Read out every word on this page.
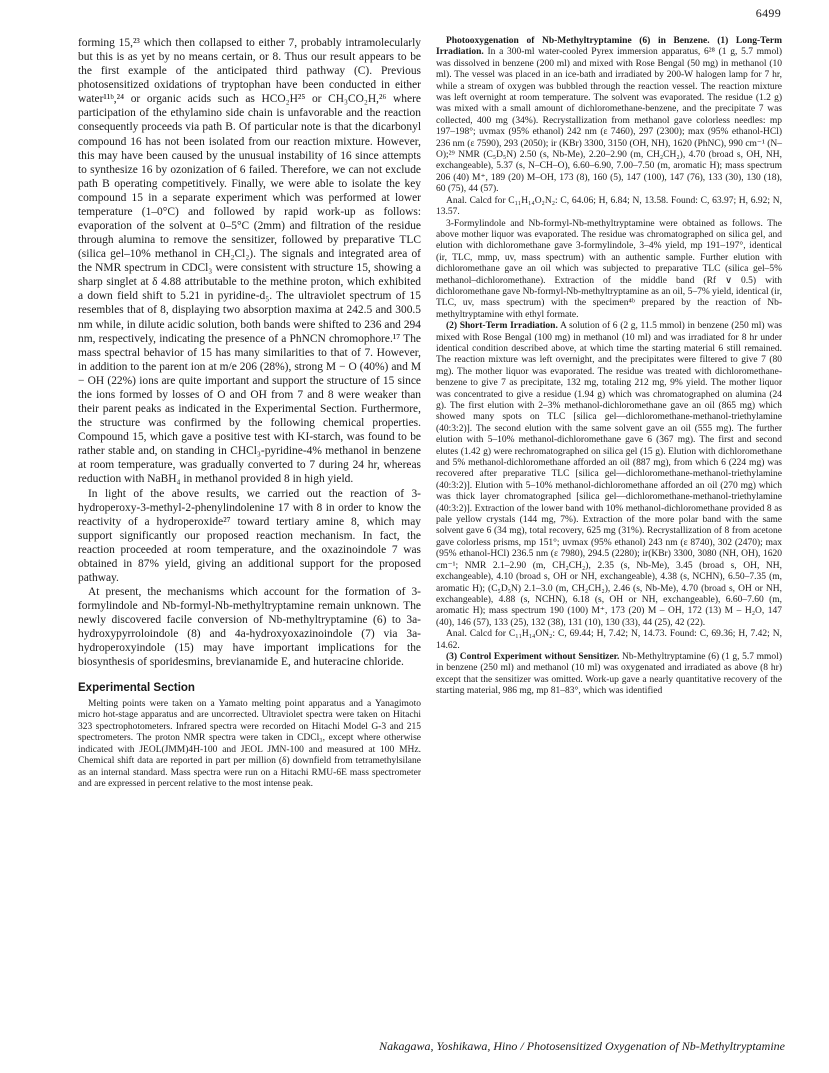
6499

forming 15,²³ which then collapsed to either 7, probably intramolecularly but this is as yet by no means certain, or 8. Thus our result appears to be the first example of the anticipated third pathway (C). Previous photosensitized oxidations of tryptophan have been conducted in either water¹¹ᵇ,²⁴ or organic acids such as HCO₂H²⁵ or CH₃CO₂H,²⁶ where participation of the ethylamino side chain is unfavorable and the reaction consequently proceeds via path B. Of particular note is that the dicarbonyl compound 16 has not been isolated from our reaction mixture. However, this may have been caused by the unusual instability of 16 since attempts to synthesize 16 by ozonization of 6 failed. Therefore, we can not exclude path B operating competitively. Finally, we were able to isolate the key compound 15 in a separate experiment which was performed at lower temperature (1–0°C) and followed by rapid work-up as follows: evaporation of the solvent at 0–5°C (2mm) and filtration of the residue through alumina to remove the sensitizer, followed by preparative TLC (silica gel–10% methanol in CH₂Cl₂). The signals and integrated area of the NMR spectrum in CDCl₃ were consistent with structure 15, showing a sharp singlet at δ 4.88 attributable to the methine proton, which exhibited a down field shift to 5.21 in pyridine-d₅. The ultraviolet spectrum of 15 resembles that of 8, displaying two absorption maxima at 242.5 and 300.5 nm while, in dilute acidic solution, both bands were shifted to 236 and 294 nm, respectively, indicating the presence of a PhNCN chromophore.¹⁷ The mass spectral behavior of 15 has many similarities to that of 7. However, in addition to the parent ion at m/e 206 (28%), strong M − O (40%) and M − OH (22%) ions are quite important and support the structure of 15 since the ions formed by losses of O and OH from 7 and 8 were weaker than their parent peaks as indicated in the Experimental Section. Furthermore, the structure was confirmed by the following chemical properties. Compound 15, which gave a positive test with KI-starch, was found to be rather stable and, on standing in CHCl₃-pyridine-4% methanol in benzene at room temperature, was gradually converted to 7 during 24 hr, whereas reduction with NaBH₄ in methanol provided 8 in high yield.

In light of the above results, we carried out the reaction of 3-hydroperoxy-3-methyl-2-phenylindolenine 17 with 8 in order to know the reactivity of a hydroperoxide²⁷ toward tertiary amine 8, which may support significantly our proposed reaction mechanism. In fact, the reaction proceeded at room temperature, and the oxazinoindole 7 was obtained in 87% yield, giving an additional support for the proposed pathway.

At present, the mechanisms which account for the formation of 3-formylindole and Nb-formyl-Nb-methyltryptamine remain unknown. The newly discovered facile conversion of Nb-methyltryptamine (6) to 3a-hydroxypyrroloindole (8) and 4a-hydroxyoxazinoindole (7) via 3a-hydroperoxyindole (15) may have important implications for the biosynthesis of sporidesmins, brevianamide E, and huteracine chloride.

Experimental Section

Melting points were taken on a Yamato melting point apparatus and a Yanagimoto micro hot-stage apparatus and are uncorrected. Ultraviolet spectra were taken on Hitachi 323 spectrophotometers. Infrared spectra were recorded on Hitachi Model G-3 and 215 spectrometers. The proton NMR spectra were taken in CDCl₃, except where otherwise indicated with JEOL(JMM)4H-100 and JEOL JMN-100 and measured at 100 MHz. Chemical shift data are reported in part per million (δ) downfield from tetramethylsilane as an internal standard. Mass spectra were run on a Hitachi RMU-6E mass spectrometer and are expressed in percent relative to the most intense peak.

Photooxygenation of Nb-Methyltryptamine (6) in Benzene. (1) Long-Term Irradiation. In a 300-ml water-cooled Pyrex immersion apparatus, 6²⁸ (1 g, 5.7 mmol) was dissolved in benzene (200 ml) and mixed with Rose Bengal (50 mg) in methanol (10 ml). The vessel was placed in an ice-bath and irradiated by 200-W halogen lamp for 7 hr, while a stream of oxygen was bubbled through the reaction vessel. The reaction mixture was left overnight at room temperature. The solvent was evaporated. The residue (1.2 g) was mixed with a small amount of dichloromethane-benzene, and the precipitate 7 was collected, 400 mg (34%). Recrystallization from methanol gave colorless needles: mp 197–198°; uvmax (95% ethanol) 242 nm (ε 7460), 297 (2300); max (95% ethanol-HCl) 236 nm (ε 7590), 293 (2050); ir (KBr) 3300, 3150 (OH, NH), 1620 (PhNC), 990 cm⁻¹ (N–O);²⁹ NMR (C₅D₅N) 2.50 (s, Nb-Me), 2.20–2.90 (m, CH₂CH₂), 4.70 (broad s, OH, NH, exchangeable), 5.37 (s, N–CH–O), 6.60–6.90, 7.00–7.50 (m, aromatic H); mass spectrum 206 (40) M⁺, 189 (20) M–OH, 173 (8), 160 (5), 147 (100), 147 (76), 133 (30), 130 (18), 60 (75), 44 (57).

Anal. Calcd for C₁₁H₁₄O₂N₂: C, 64.06; H, 6.84; N, 13.58. Found: C, 63.97; H, 6.92; N, 13.57.

3-Formylindole and Nb-formyl-Nb-methyltryptamine were obtained as follows. The above mother liquor was evaporated. The residue was chromatographed on silica gel, and elution with dichloromethane gave 3-formylindole, 3–4% yield, mp 191–197°, identical (ir, TLC, mmp, uv, mass spectrum) with an authentic sample. Further elution with dichloromethane gave an oil which was subjected to preparative TLC (silica gel–5% methanol–dichloromethane). Extraction of the middle band (Rf ∨ 0.5) with dichloromethane gave Nb-formyl-Nb-methyltryptamine as an oil, 5–7% yield, identical (ir, TLC, uv, mass spectrum) with the specimen⁴ᵇ prepared by the reaction of Nb-methyltryptamine with ethyl formate.

(2) Short-Term Irradiation. A solution of 6 (2 g, 11.5 mmol) in benzene (250 ml) was mixed with Rose Bengal (100 mg) in methanol (10 ml) and was irradiated for 8 hr under identical condition described above, at which time the starting material 6 still remained. The reaction mixture was left overnight, and the precipitates were filtered to give 7 (80 mg). The mother liquor was evaporated. The residue was treated with dichloromethane-benzene to give 7 as precipitate, 132 mg, totaling 212 mg, 9% yield. The mother liquor was concentrated to give a residue (1.94 g) which was chromatographed on alumina (24 g). The first elution with 2–3% methanol-dichloromethane gave an oil (865 mg) which showed many spots on TLC [silica gel—dichloromethane-methanol-triethylamine (40:3:2)]. The second elution with the same solvent gave an oil (555 mg). The further elution with 5–10% methanol-dichloromethane gave 6 (367 mg). The first and second elutes (1.42 g) were rechromatographed on silica gel (15 g). Elution with dichloromethane and 5% methanol-dichloromethane afforded an oil (887 mg), from which 6 (224 mg) was recovered after preparative TLC [silica gel—dichloromethane-methanol-triethylamine (40:3:2)]. Elution with 5–10% methanol-dichloromethane afforded an oil (270 mg) which was thick layer chromatographed [silica gel—dichloromethane-methanol-triethylamine (40:3:2)]. Extraction of the lower band with 10% methanol-dichloromethane provided 8 as pale yellow crystals (144 mg, 7%). Extraction of the more polar band with the same solvent gave 6 (34 mg), total recovery, 625 mg (31%). Recrystallization of 8 from acetone gave colorless prisms, mp 151°; uvmax (95% ethanol) 243 nm (ε 8740), 302 (2470); max (95% ethanol-HCl) 236.5 nm (ε 7980), 294.5 (2280); ir(KBr) 3300, 3080 (NH, OH), 1620 cm⁻¹; NMR 2.1–2.90 (m, CH₂CH₂), 2.35 (s, Nb-Me), 3.45 (broad s, OH, NH, exchangeable), 4.10 (broad s, OH or NH, exchangeable), 4.38 (s, NCHN), 6.50–7.35 (m, aromatic H); (C₅D₅N) 2.1–3.0 (m, CH₂CH₂), 2.46 (s, Nb-Me), 4.70 (broad s, OH or NH, exchangeable), 4.88 (s, NCHN), 6.18 (s, OH or NH, exchangeable), 6.60–7.60 (m, aromatic H); mass spectrum 190 (100) M⁺, 173 (20) M – OH, 172 (13) M – H₂O, 147 (40), 146 (57), 133 (25), 132 (38), 131 (10), 130 (33), 44 (25), 42 (22).

Anal. Calcd for C₁₁H₁₄ON₂: C, 69.44; H, 7.42; N, 14.73. Found: C, 69.36; H, 7.42; N, 14.62.

(3) Control Experiment without Sensitizer. Nb-Methyltryptamine (6) (1 g, 5.7 mmol) in benzene (250 ml) and methanol (10 ml) was oxygenated and irradiated as above (8 hr) except that the sensitizer was omitted. Work-up gave a nearly quantitative recovery of the starting material, 986 mg, mp 81–83°, which was identified

Nakagawa, Yoshikawa, Hino / Photosensitized Oxygenation of Nb-Methyltryptamine
